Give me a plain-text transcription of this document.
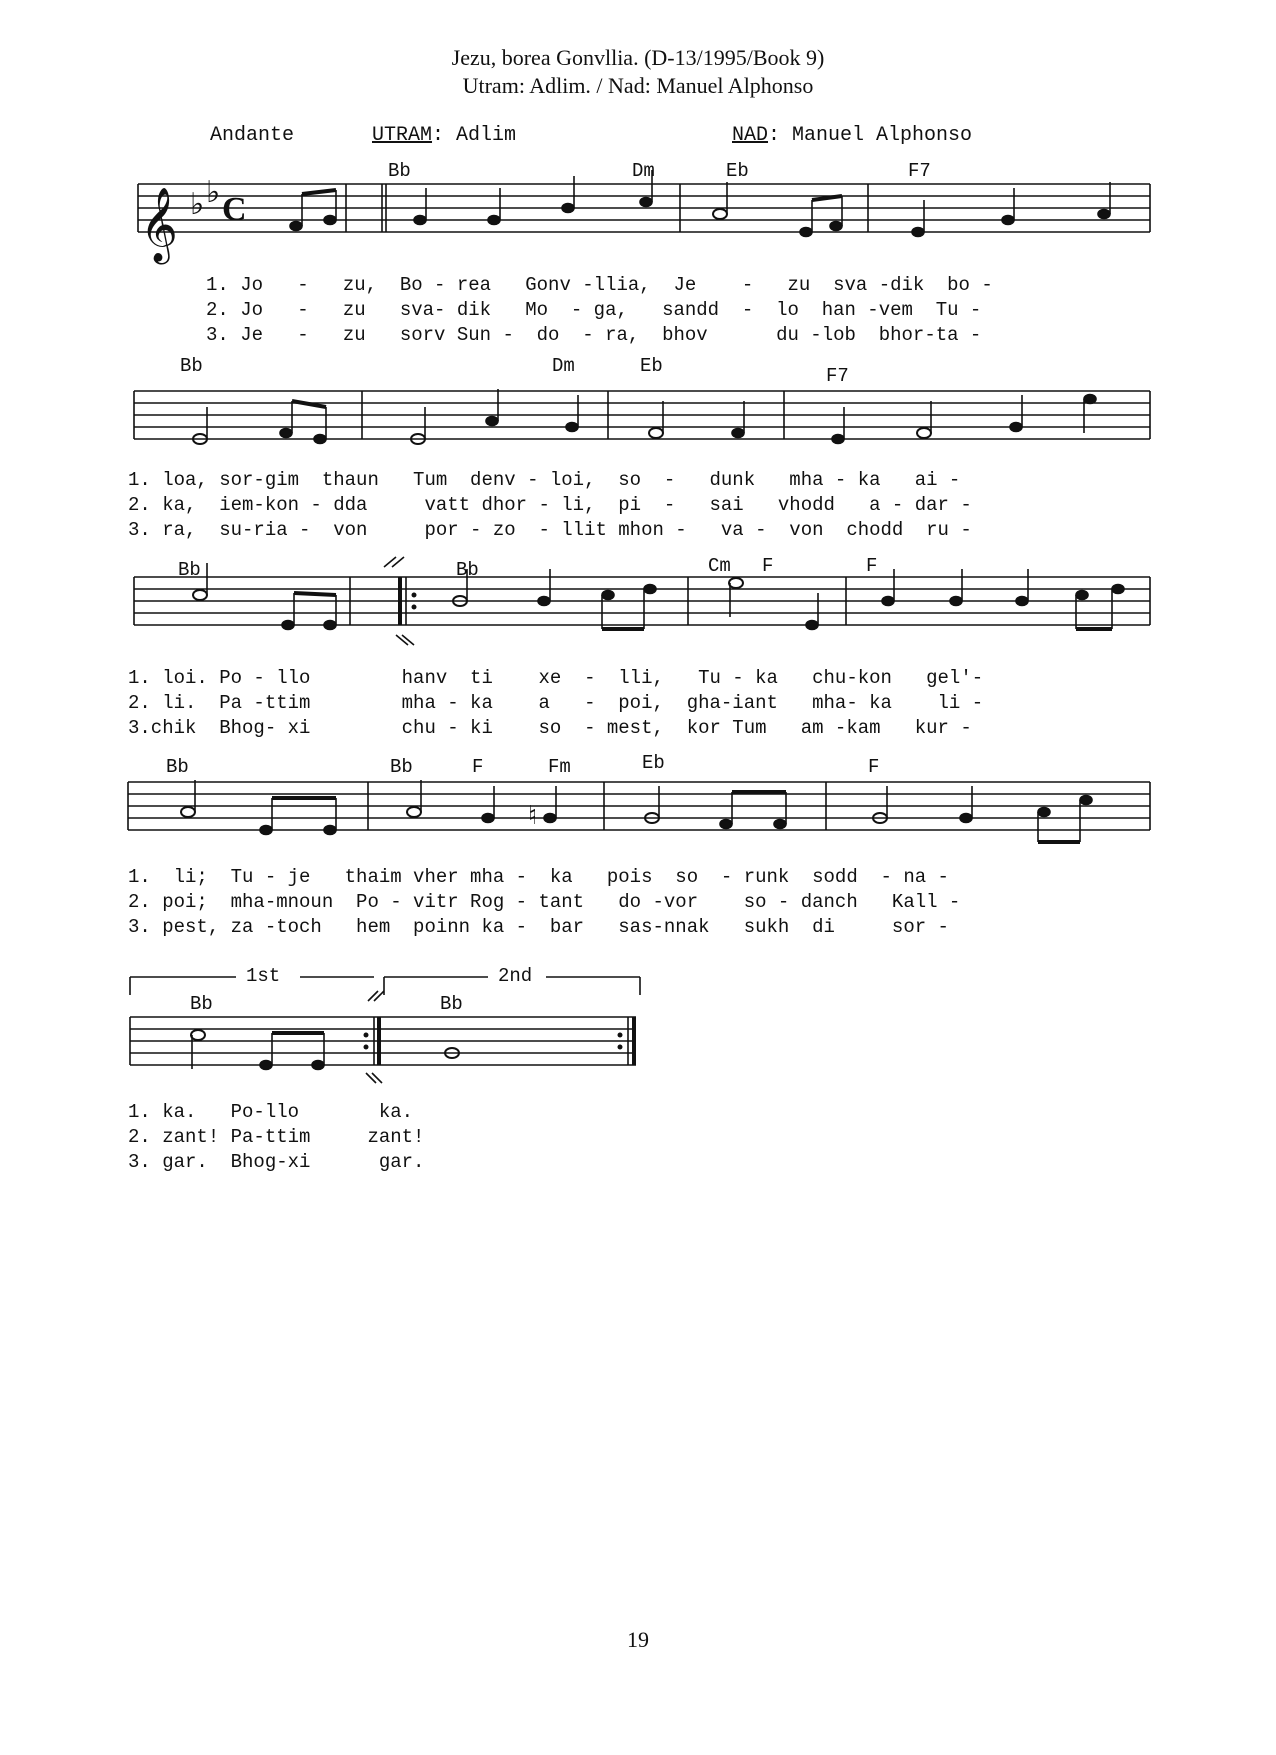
Jezu, borea Gonvllia. (D-13/1995/Book 9)
Utram: Adlim. / Nad: Manuel Alphonso
Andante	UTRAM: Adlim	NAD: Manuel Alphonso
Bb	Dm	Eb	F7
𝄞 ♭ ♭ C
1. Jo   -   zu,  Bo - rea   Gonv -llia,  Je    -   zu  sva -dik  bo -
2. Jo   -   zu   sva- dik   Mo  - ga,   sandd  -  lo  han -vem  Tu -
3. Je   -   zu   sorv Sun -  do  - ra,  bhov      du -lob  bhor-ta -
Bb	Dm	Eb	F7
1. loa, sor-gim  thaun   Tum  denv - loi,  so  -   dunk   mha - ka   ai -
2. ka,  iem-kon - dda     vatt dhor - li,  pi  -   sai   vhodd   a - dar -
3. ra,  su-ria -  von     por - zo  - llit mhon -   va -  von  chodd  ru -
Bb	Bb	Cm F	F
1. loi. Po - llo        hanv  ti    xe  -  lli,   Tu - ka   chu-kon   gel'-
2. li.  Pa -ttim        mha - ka    a   -  poi,  gha-iant   mha- ka    li -
3.chik  Bhog- xi        chu - ki    so  - mest,  kor Tum   am -kam   kur -
Bb	Bb	F	Fm	Eb	F
♮
1.  li;  Tu - je   thaim vher mha -  ka   pois  so  - runk  sodd  - na -
2. poi;  mha-mnoun  Po - vitr Rog - tant   do -vor    so - danch   Kall -
3. pest, za -toch   hem  poinn ka -  bar   sas-nnak   sukh  di     sor -
1st	2nd
Bb	Bb
1. ka.   Po-llo       ka.
2. zant! Pa-ttim     zant!
3. gar.  Bhog-xi      gar.
19
